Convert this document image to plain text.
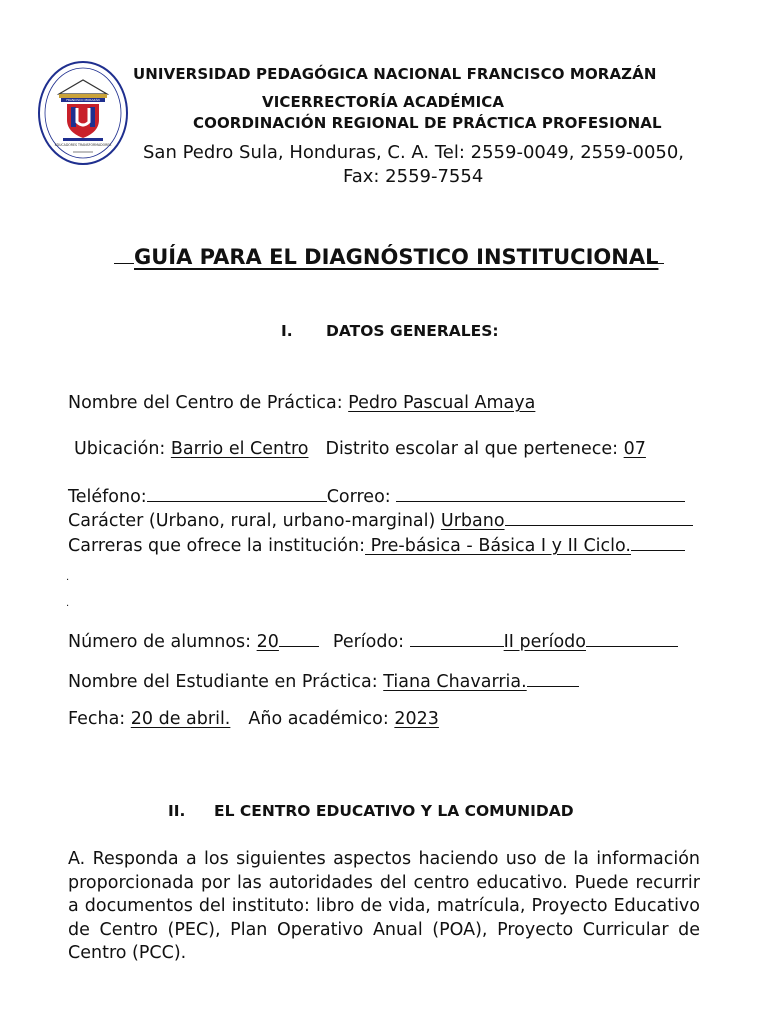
EDUCADORES TRANSFORMADORES
FRANCISCO MORAZÁN
UNIVERSIDAD PEDAGÓGICA NACIONAL FRANCISCO MORAZÁN
VICERRECTORÍA ACADÉMICA
COORDINACIÓN REGIONAL DE PRÁCTICA PROFESIONAL
San Pedro Sula, Honduras, C. A. Tel: 2559-0049, 2559-0050,
Fax: 2559-7554
GUÍA PARA EL DIAGNÓSTICO INSTITUCIONAL
I. DATOS GENERALES:
Nombre del Centro de Práctica: Pedro Pascual Amaya
Ubicación: Barrio el Centro Distrito escolar al que pertenece: 07
Teléfono:	Correo:
Carácter (Urbano, rural, urbano-marginal) Urbano
Carreras que ofrece la institución: Pre-básica - Básica I y II Ciclo.
.
.
Número de alumnos: 20	Período:	II período
Nombre del Estudiante en Práctica: Tiana Chavarria.
Fecha: 20 de abril. Año académico: 2023
II. EL CENTRO EDUCATIVO Y LA COMUNIDAD
A. Responda a los siguientes aspectos haciendo uso de la información proporcionada por las autoridades del centro educativo. Puede recurrir a documentos del instituto: libro de vida, matrícula, Proyecto Educativo de Centro (PEC), Plan Operativo Anual (POA), Proyecto Curricular de Centro (PCC).
